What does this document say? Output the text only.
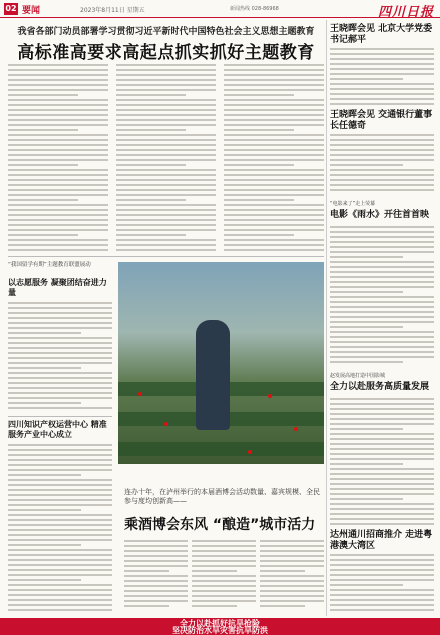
02 要闻	2023年8月11日 星期五	新闻热线 028-86968	四川日报
我省各部门动员部署学习贯彻习近平新时代中国特色社会主义思想主题教育
高标准高要求高起点抓实抓好主题教育
“我国留学有期”主题教育联盟展动
以志愿服务 凝聚团结奋进力量
四川知识产权运营中心 精准服务产业中心成立
连办十年，在泸州举行的本届酒博会活动数量、嘉宾规模、全民参与度均创新高——
乘酒博会东风 “酿造”城市活力
王晓晖会见 北京大学党委书记郝平
王晓晖会见 交通银行董事长任德奇
“电影来了”走上荧幕
电影《雨水》开往首首映
赵发展高地打造中国影城
全力以赴服务高质量发展
达州通川招商推介 走进粤港澳大湾区
全力以赴抓好抗旱抢险
坚决防治水旱灾害抗旱防洪
